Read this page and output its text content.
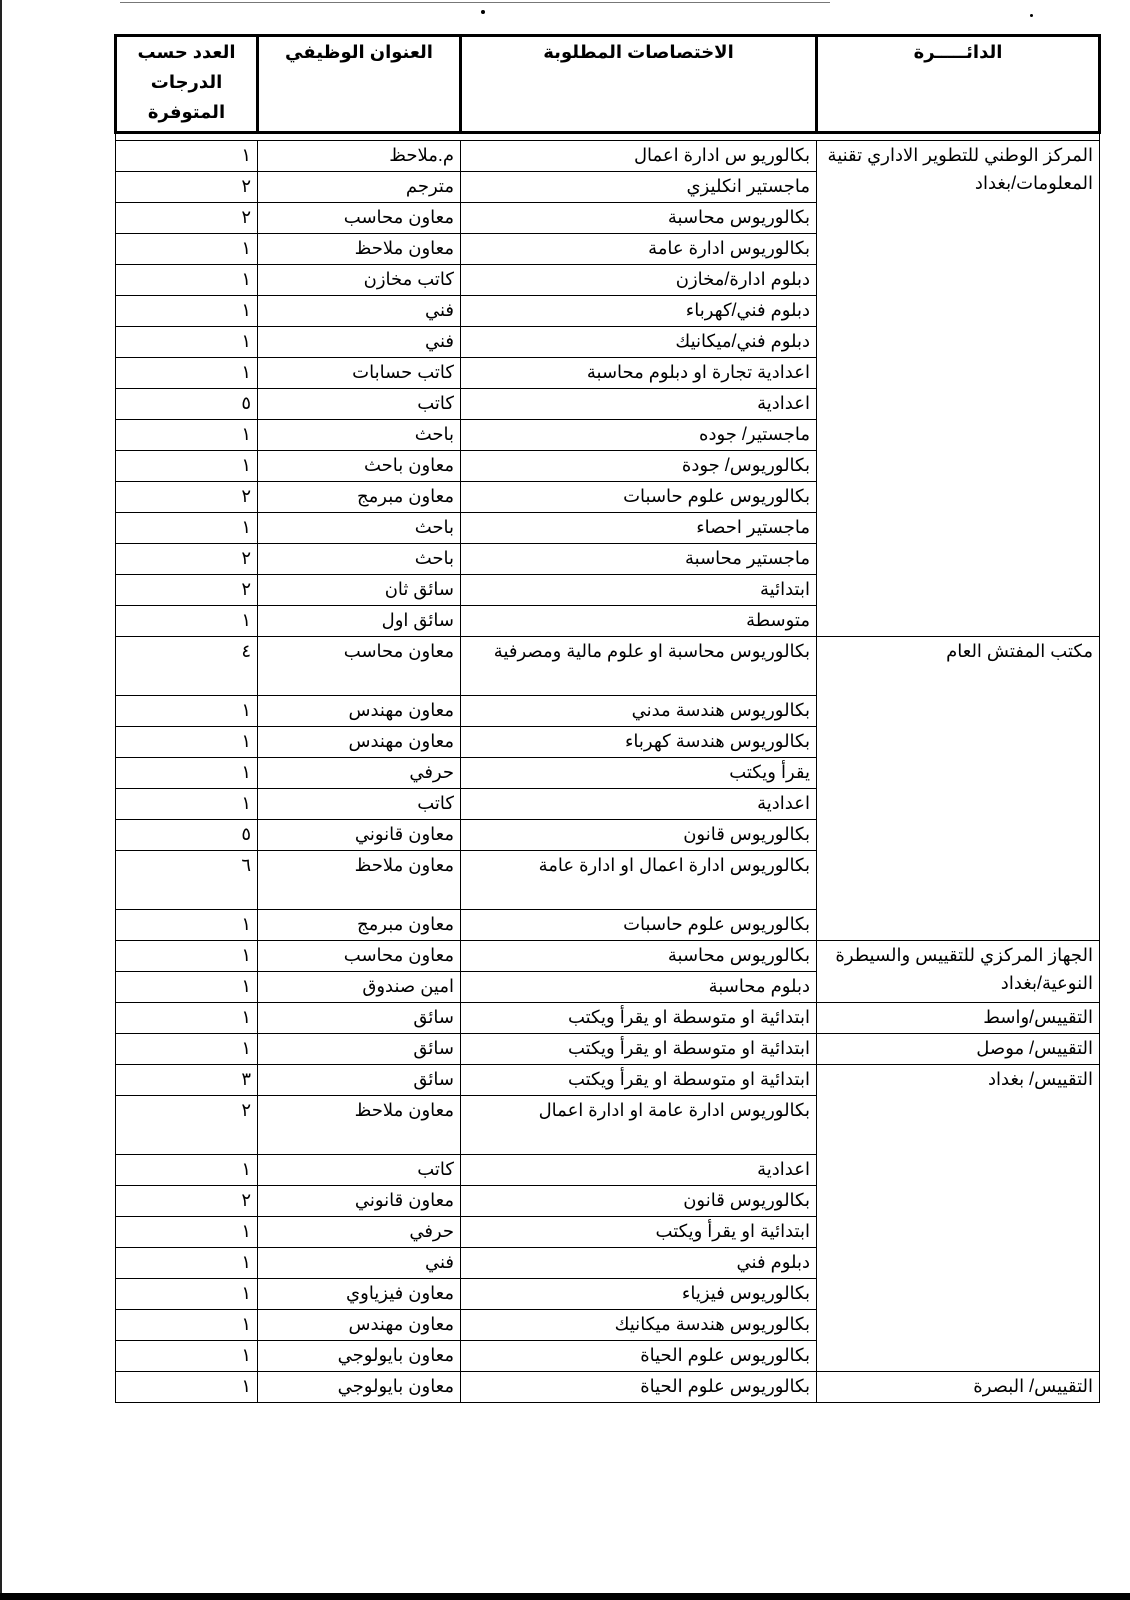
الدائـــــرة	الاختصاصات المطلوبة	العنوان الوظيفي	العدد حسب الدرجات المتوفرة

المركز الوطني للتطوير الاداري تقنية المعلومات/بغداد	بكالوريو س ادارة اعمال	م.ملاحظ	١
	ماجستير انكليزي	مترجم	٢
	بكالوريوس محاسبة	معاون محاسب	٢
	بكالوريوس ادارة عامة	معاون ملاحظ	١
	دبلوم ادارة/مخازن	كاتب مخازن	١
	دبلوم فني/كهرباء	فني	١
	دبلوم فني/ميكانيك	فني	١
	اعدادية تجارة او دبلوم محاسبة	كاتب حسابات	١
	اعدادية	كاتب	٥
	ماجستير/ جوده	باحث	١
	بكالوريوس/ جودة	معاون باحث	١
	بكالوريوس علوم حاسبات	معاون مبرمج	٢
	ماجستير احصاء	باحث	١
	ماجستير محاسبة	باحث	٢
	ابتدائية	سائق ثان	٢
	متوسطة	سائق اول	١
مكتب المفتش العام	بكالوريوس محاسبة او علوم مالية ومصرفية	معاون محاسب	٤
	بكالوريوس هندسة مدني	معاون مهندس	١
	بكالوريوس هندسة كهرباء	معاون مهندس	١
	يقرأ ويكتب	حرفي	١
	اعدادية	كاتب	١
	بكالوريوس قانون	معاون قانوني	٥
	بكالوريوس ادارة اعمال او ادارة عامة	معاون ملاحظ	٦
	بكالوريوس علوم حاسبات	معاون مبرمج	١
الجهاز المركزي للتقييس والسيطرة النوعية/بغداد	بكالوريوس محاسبة	معاون محاسب	١
	دبلوم محاسبة	امين صندوق	١
التقييس/واسط	ابتدائية او متوسطة او يقرأ ويكتب	سائق	١
التقييس/ موصل	ابتدائية او متوسطة او يقرأ ويكتب	سائق	١
التقييس/ بغداد	ابتدائية او متوسطة او يقرأ ويكتب	سائق	٣
	بكالوريوس ادارة عامة او ادارة اعمال	معاون ملاحظ	٢
	اعدادية	كاتب	١
	بكالوريوس قانون	معاون قانوني	٢
	ابتدائية او يقرأ ويكتب	حرفي	١
	دبلوم فني	فني	١
	بكالوريوس فيزياء	معاون فيزياوي	١
	بكالوريوس هندسة ميكانيك	معاون مهندس	١
	بكالوريوس علوم الحياة	معاون بايولوجي	١
التقييس/ البصرة	بكالوريوس علوم الحياة	معاون بايولوجي	١
